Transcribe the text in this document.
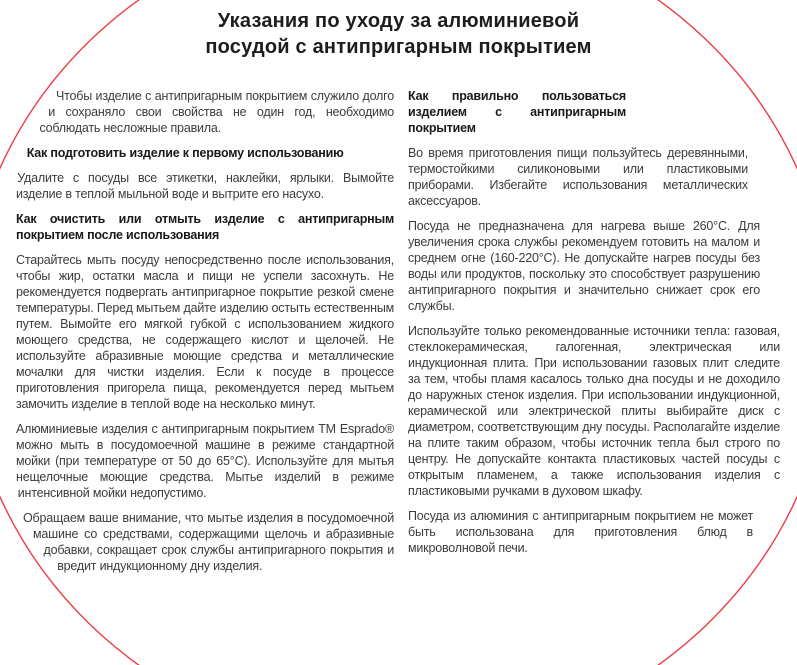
Указания по уходу за алюминиевой
посудой с антипригарным покрытием

Чтобы изделие с антипригарным покрытием служило долго и сохраняло свои свойства не один год, необходимо соблюдать несложные правила.

Как подготовить изделие к первому использованию

Удалите с посуды все этикетки, наклейки, ярлыки. Вымойте изделие в теплой мыльной воде и вытрите его насухо.

Как очистить или отмыть изделие с антипригарным покрытием после использования

Старайтесь мыть посуду непосредственно после использования, чтобы жир, остатки масла и пищи не успели засохнуть. Не рекомендуется подвергать антипригарное покрытие резкой смене температуры. Перед мытьем дайте изделию остыть естественным путем. Вымойте его мягкой губкой с использованием жидкого моющего средства, не содержащего кислот и щелочей. Не используйте абразивные моющие средства и металлические мочалки для чистки изделия. Если к посуде в процессе приготовления пригорела пища, рекомендуется перед мытьем замочить изделие в теплой воде на несколько минут.

Алюминиевые изделия с антипригарным покрытием ТМ Esprado® можно мыть в посудомоечной машине в режиме стандартной мойки (при температуре от 50 до 65°С). Используйте для мытья нещелочные моющие средства. Мытье изделий в режиме интенсивной мойки недопустимо.

Обращаем ваше внимание, что мытье изделия в посудомоечной машине со средствами, содержащими щелочь и абразивные добавки, сокращает срок службы антипригарного покрытия и вредит индукционному дну изделия.

Как правильно пользоваться изделием с антипригарным покрытием

Во время приготовления пищи пользуйтесь деревянными, термостойкими силиконовыми или пластиковыми приборами. Избегайте использования металлических аксессуаров.

Посуда не предназначена для нагрева выше 260°С. Для увеличения срока службы рекомендуем готовить на малом и среднем огне (160-220°С). Не допускайте нагрев посуды без воды или продуктов, поскольку это способствует разрушению антипригарного покрытия и значительно снижает срок его службы.

Используйте только рекомендованные источники тепла: газовая, стеклокерамическая, галогенная, электрическая или индукционная плита. При использовании газовых плит следите за тем, чтобы пламя касалось только дна посуды и не доходило до наружных стенок изделия. При использовании индукционной, керамической или электрической плиты выбирайте диск с диаметром, соответствующим дну посуды. Располагайте изделие на плите таким образом, чтобы источник тепла был строго по центру. Не допускайте контакта пластиковых частей посуды с открытым пламенем, а также использования изделия с пластиковыми ручками в духовом шкафу.

Посуда из алюминия с антипригарным покрытием не может быть использована для приготовления блюд в микроволновой печи.
